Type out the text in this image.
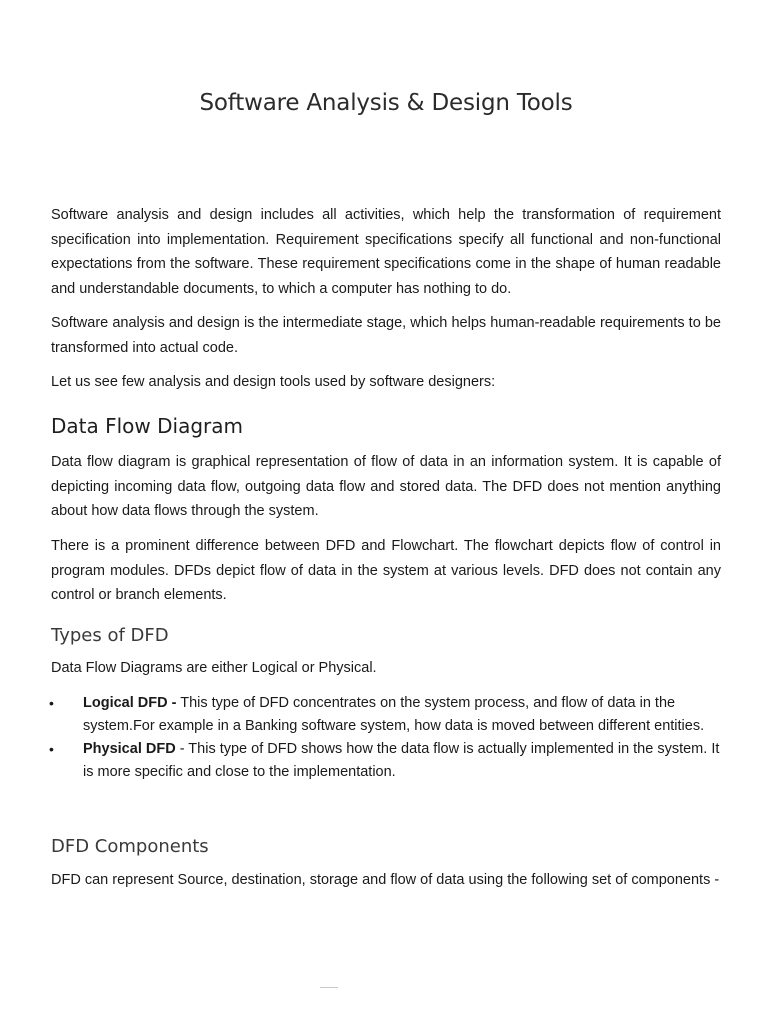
Software Analysis & Design Tools

Software analysis and design includes all activities, which help the transformation of requirement specification into implementation. Requirement specifications specify all functional and non-functional expectations from the software. These requirement specifications come in the shape of human readable and understandable documents, to which a computer has nothing to do.

Software analysis and design is the intermediate stage, which helps human-readable requirements to be transformed into actual code.

Let us see few analysis and design tools used by software designers:

Data Flow Diagram

Data flow diagram is graphical representation of flow of data in an information system. It is capable of depicting incoming data flow, outgoing data flow and stored data. The DFD does not mention anything about how data flows through the system.

There is a prominent difference between DFD and Flowchart. The flowchart depicts flow of control in program modules. DFDs depict flow of data in the system at various levels. DFD does not contain any control or branch elements.

Types of DFD

Data Flow Diagrams are either Logical or Physical.

• Logical DFD - This type of DFD concentrates on the system process, and flow of data in the system.For example in a Banking software system, how data is moved between different entities.
• Physical DFD - This type of DFD shows how the data flow is actually implemented in the system. It is more specific and close to the implementation.
DFD Components

DFD can represent Source, destination, storage and flow of data using the following set of components -
